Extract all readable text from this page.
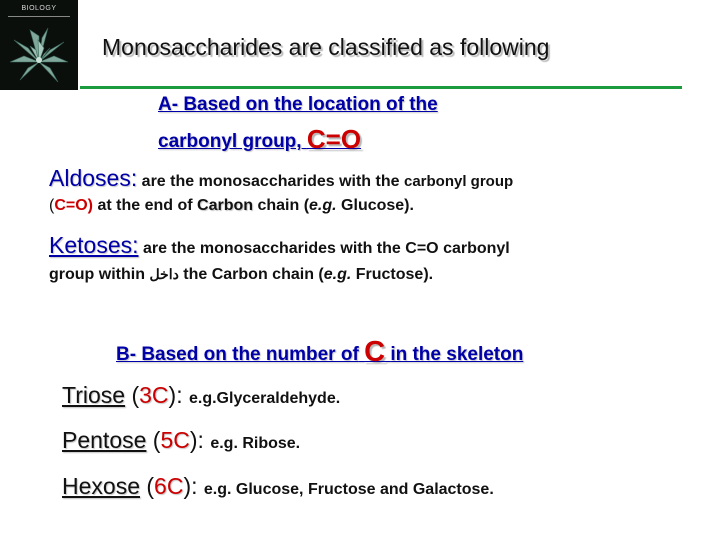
BIOLOGY
Monosaccharides are classified as following
A- Based on the location of the
carbonyl group, C=O
Aldoses: are the monosaccharides with the carbonyl group
(C=O) at the end of Carbon chain (e.g. Glucose).
Ketoses: are the monosaccharides with the C=O carbonyl
group within داخل the Carbon chain (e.g. Fructose).
B- Based on the number of C in the skeleton
Triose (3C): e.g.Glyceraldehyde.
Pentose (5C): e.g. Ribose.
Hexose (6C): e.g. Glucose, Fructose and Galactose.
